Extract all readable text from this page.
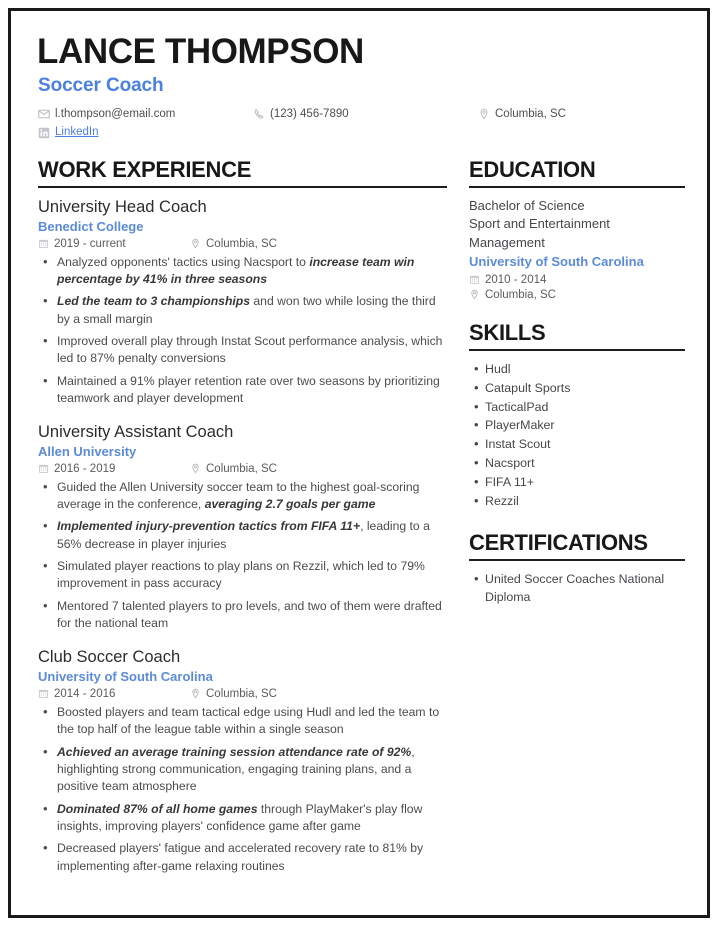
LANCE THOMPSON
Soccer Coach
l.thompson@email.com	(123) 456-7890	Columbia, SC
LinkedIn
WORK EXPERIENCE
University Head Coach
Benedict College
2019 - current	Columbia, SC
• Analyzed opponents' tactics using Nacsport to increase team win percentage by 41% in three seasons
• Led the team to 3 championships and won two while losing the third by a small margin
• Improved overall play through Instat Scout performance analysis, which led to 87% penalty conversions
• Maintained a 91% player retention rate over two seasons by prioritizing teamwork and player development
University Assistant Coach
Allen University
2016 - 2019	Columbia, SC
• Guided the Allen University soccer team to the highest goal-scoring average in the conference, averaging 2.7 goals per game
• Implemented injury-prevention tactics from FIFA 11+, leading to a 56% decrease in player injuries
• Simulated player reactions to play plans on Rezzil, which led to 79% improvement in pass accuracy
• Mentored 7 talented players to pro levels, and two of them were drafted for the national team
Club Soccer Coach
University of South Carolina
2014 - 2016	Columbia, SC
• Boosted players and team tactical edge using Hudl and led the team to the top half of the league table within a single season
• Achieved an average training session attendance rate of 92%, highlighting strong communication, engaging training plans, and a positive team atmosphere
• Dominated 87% of all home games through PlayMaker's play flow insights, improving players' confidence game after game
• Decreased players' fatigue and accelerated recovery rate to 81% by implementing after-game relaxing routines
EDUCATION
Bachelor of Science
Sport and Entertainment
Management
University of South Carolina
2010 - 2014
Columbia, SC
SKILLS
• Hudl
• Catapult Sports
• TacticalPad
• PlayerMaker
• Instat Scout
• Nacsport
• FIFA 11+
• Rezzil
CERTIFICATIONS
• United Soccer Coaches National Diploma
